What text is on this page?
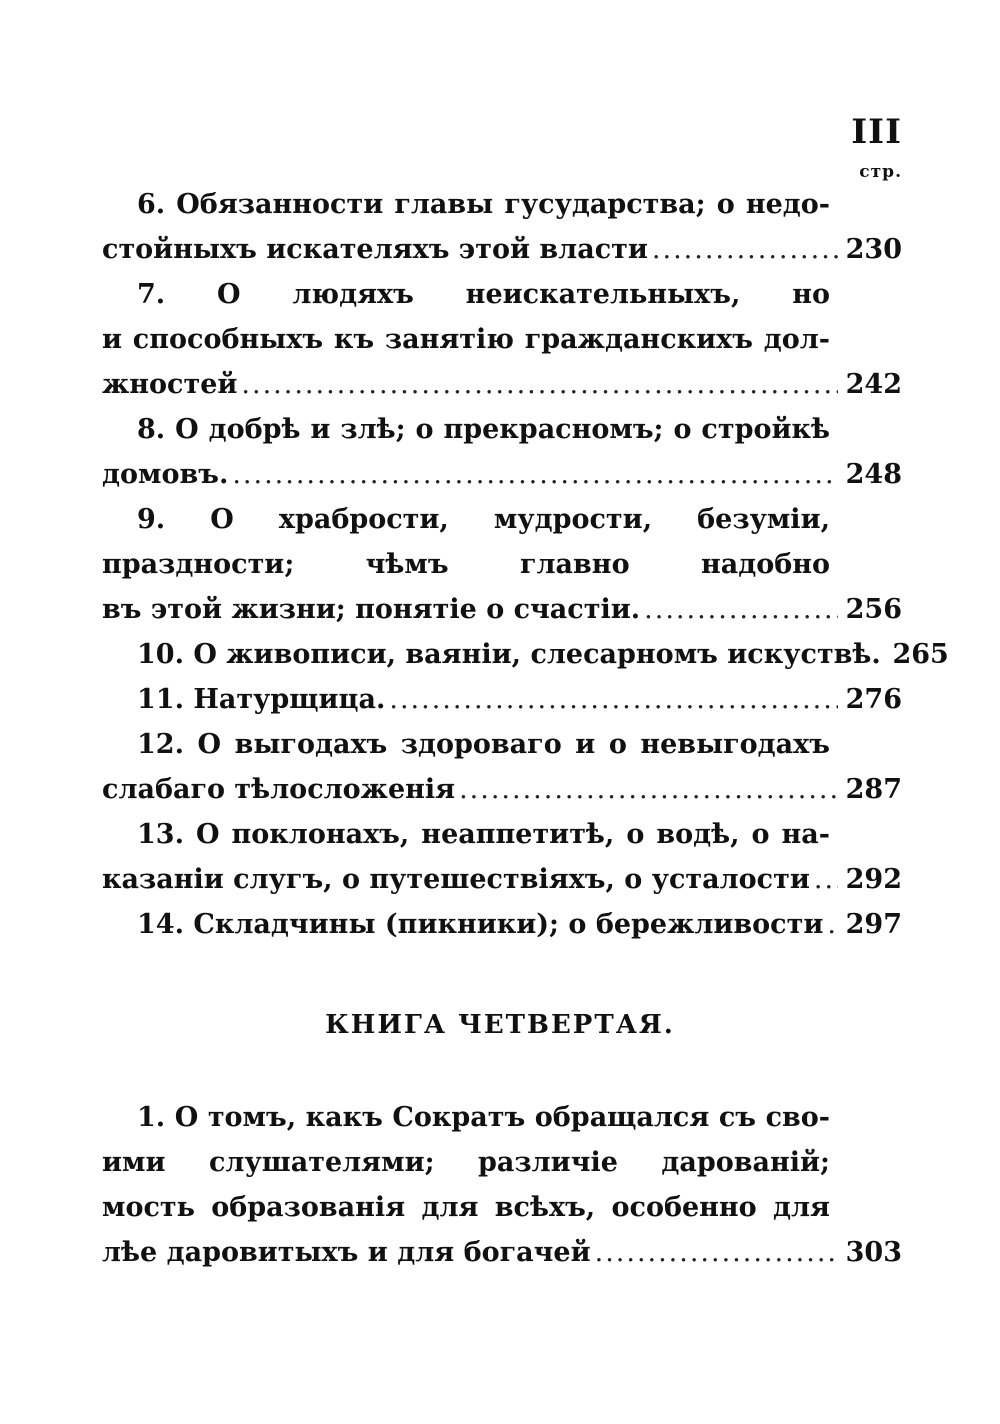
III
стр.
6. Обязанности главы гусударства; о недо-
стойныхъ искателяхъ этой власти .....	230
7. О людяхъ неискательныхъ, но
и способныхъ къ занятію гражданскихъ дол-
жностей .....	242
8. О добрѣ и злѣ; о прекрасномъ; о стройкѣ
домовъ. .....	248
9. О храбрости, мудрости, безуміи,
праздности; чѣмъ главно надобно
въ этой жизни; понятіе о счастіи. .....	256
10. О живописи, ваяніи, слесарномъ искуствѣ. 265
11. Натурщица. .....	276
12. О выгодахъ здороваго и о невыгодахъ
слабаго тѣлосложенія .....	287
13. О поклонахъ, неаппетитѣ, о водѣ, о на-
казаніи слугъ, о путешествіяхъ, о усталости ..... 292
14. Складчины (пикники); о бережливости ..... 297
КНИГА ЧЕТВЕРТАЯ.
1. О томъ, какъ Сократъ обращался съ сво-
ими слушателями; различіе дарованій;
мость образованія для всѣхъ, особенно для
лѣе даровитыхъ и для богачей .....	303
